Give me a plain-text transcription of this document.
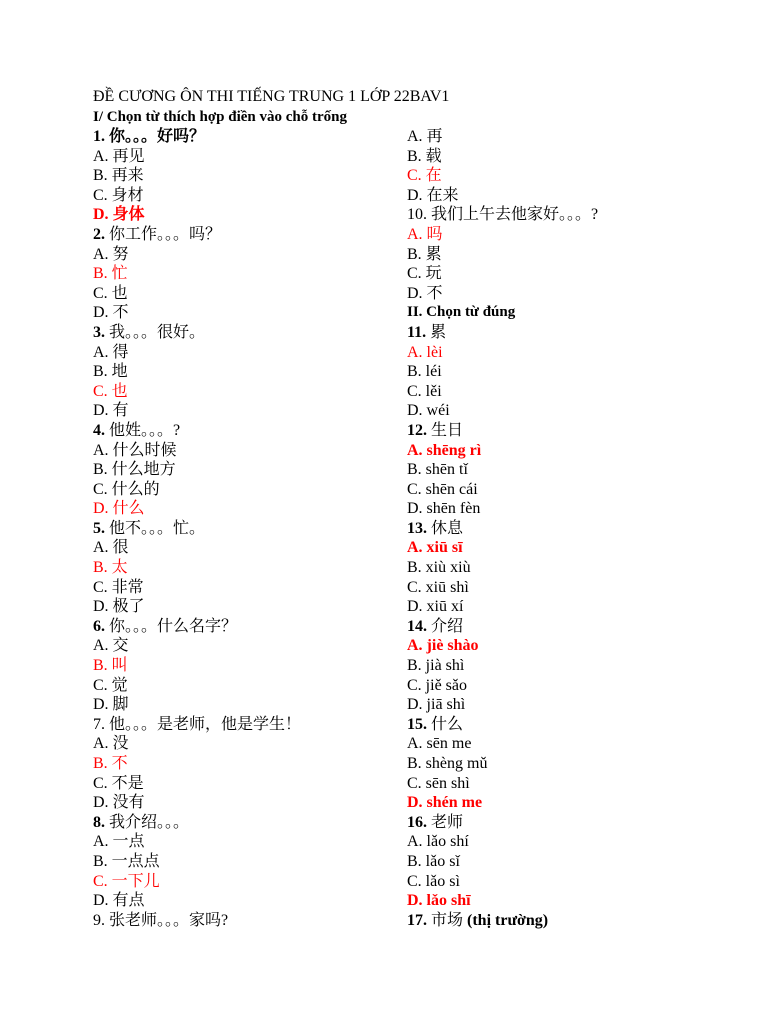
ĐỀ CƯƠNG ÔN THI TIẾNG TRUNG 1 LỚP 22BAV1
I/ Chọn từ thích hợp điền vào chỗ trống
1. 你。。。好吗？
A. 再见
B. 再来
C. 身材
D. 身体
2. 你工作。。。吗？
A. 努
B. 忙
C. 也
D. 不
3. 我。。。很好。
A. 得
B. 地
C. 也
D. 有
4. 他姓。。。?
A. 什么时候
B. 什么地方
C. 什么的
D. 什么
5. 他不。。。忙。
A. 很
B. 太
C. 非常
D. 极了
6. 你。。。什么名字？
A. 交
B. 叫
C. 觉
D. 脚
7. 他。。。是老师，他是学生！
A. 没
B. 不
C. 不是
D. 没有
8. 我介绍。。。
A. 一点
B. 一点点
C. 一下儿
D. 有点
9. 张老师。。。家吗?
A. 再
B. 载
C. 在
D. 在来
10. 我们上午去他家好。。。?
A. 吗
B. 累
C. 玩
D. 不
II. Chọn từ đúng
11. 累
A. lèi
B. léi
C. lěi
D. wéi
12. 生日
A. shēng rì
B. shēn tǐ
C. shēn cái
D. shēn fèn
13. 休息
A. xiū sī
B. xiù xiù
C. xiū shì
D. xiū xí
14. 介绍
A. jiè shào
B. jià shì
C. jiě sǎo
D. jiā shì
15. 什么
A. sēn me
B. shèng mǔ
C. sēn shì
D. shén me
16. 老师
A. lǎo shí
B. lǎo sǐ
C. lǎo sì
D. lǎo shī
17. 市场 (thị trường)
